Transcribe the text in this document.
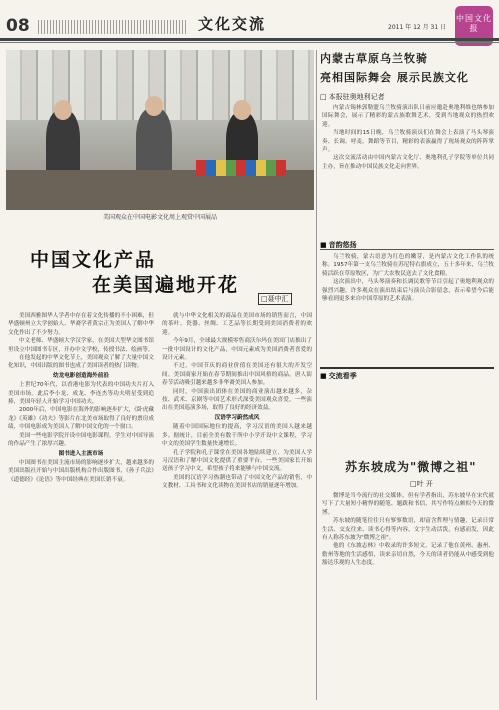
08	文化交流	2011 年 12 月 31 日
中国文化报
美国观众在中国电影文化周上观赏中国展品
中国文化产品
在美国遍地开花
□聂中汇

美国西雅图华人学者中存在着文化传播的不小困难，但华盛顿州立大学创始人、华裔学者黄宗正为美国人了解中华文化作出了不少努力。

中文老师、华盛顿大学汉学家，在美国大型华文图书馆里设立中国图书专区，开办中文学校，传授书法、绘画等。

在他发起的中华文化节上，美国观众了解了大量中国文化知识，中国出版的图书也成了美国读者的热门读物。

幼龙电影创造海外前沿

上世纪70年代，以香港电影为代表的中国功夫片打入美国市场。此后李小龙、成龙、李连杰等功夫明星受到追捧，美国年轻人开始学习中国功夫。

2000年后，中国电影在海外的影响逐步扩大，《卧虎藏龙》《英雄》《功夫》等影片在北美市场取得了良好的票房成绩，中国电影成为美国人了解中国文化的一个窗口。

美国一些电影学院开设中国电影课程，学生对中国导演的作品产生了浓厚兴趣。

图书进入主流市场

中国图书在美国主流市场的影响逐步扩大，越来越多的美国出版社开始与中国出版机构合作出版图书，《孙子兵法》《道德经》《论语》等中国经典在美国长销不衰。

就与中华文化相关的商品在美国市场的销售而言，中国的茶叶、瓷器、丝绸、工艺品等长期受到美国消费者的欢迎。

今年9月，全球最大规模零售商沃尔玛在美国门店推出了一批中国设计的文化产品，中国元素成为美国消费者喜爱的设计元素。

不过，中国节庆的商业价值在美国还有很大的开发空间。美国商家开始在春节期间推出中国风格的商品，唐人街春节活动吸引越来越多非华裔美国人参加。

同时，中国演出团体在美国的商业演出越来越多，杂技、武术、京剧等中国艺术形式深受美国观众喜爱，一些演出在美国巡演多场，取得了良好的经济效益。

汉语学习蔚然成风

随着中国国际地位的提高，学习汉语的美国人越来越多。据统计，目前全美有数千所中小学开设中文课程，学习中文的美国学生数量快速增长。

孔子学院和孔子课堂在美国各地陆续建立，为美国人学习汉语和了解中国文化提供了重要平台。一些美国家长开始送孩子学习中文，希望孩子将来能够与中国交流。

美国的汉语学习热潮也带动了中国文化产品的销售，中文教材、工具书和文化读物在美国书店的销量逐年增加。

内蒙古草原乌兰牧骑
亮相国际舞会 展示民族文化
□ 本报驻奥地利记者

内蒙古锡林郭勒盟乌兰牧骑演出队日前应邀赴奥地利维也纳参加国际舞会，展示了精彩的蒙古族歌舞艺术，受到当地观众的热烈欢迎。

当地时间的15日晚，乌兰牧骑演员们在舞会上表演了马头琴演奏、长调、呼麦、舞蹈等节目，精彩的表演赢得了现场观众的阵阵掌声。

这次交流活动由中国内蒙古文化厅、奥地利孔子学院等单位共同主办，旨在推动中国民族文化走向世界。

■ 音韵悠扬

乌兰牧骑，蒙古语意为红色的嫩芽，是内蒙古文化工作队的统称。1957年第一支乌兰牧骑在苏尼特右旗成立，五十多年来，乌兰牧骑活跃在草原牧区，为广大农牧民送去了文化食粮。

这次演出中，马头琴演奏和长调民歌等节目引起了奥地利观众的强烈兴趣，许多观众在演出结束后与演员合影留念，表示希望今后能够看到更多来自中国草原的艺术表演。

■ 交流看季
苏东坡成为"微博之祖"
□叶 开

微博是当今流行的社交媒体，但有学者指出，苏东坡早在宋代就写下了大量短小精悍的随笔、题跋和书信，其写作特点颇似今天的微博。

苏东坡的随笔往往只有寥寥数语，却富含哲理与情趣，记录日常生活、交友往来、读书心得等内容，文字生动活泼，有感而发，因此有人称苏东坡为"微博之祖"。

他的《东坡志林》中收录的许多短文，记录了他在黄州、惠州、儋州等地的生活感悟，读来亲切自然，今天的读者仍能从中感受到他豁达乐观的人生态度。
